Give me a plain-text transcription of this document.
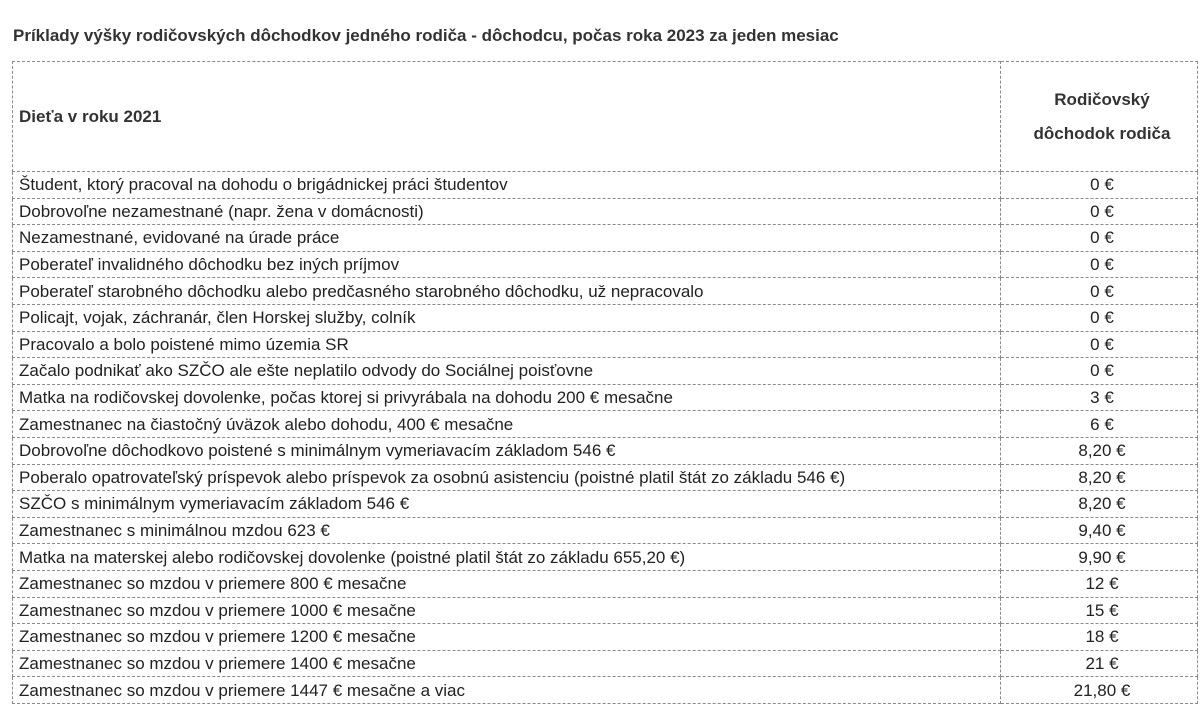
Príklady výšky rodičovských dôchodkov jedného rodiča - dôchodcu, počas roka 2023 za jeden mesiac
Dieťa v roku 2021	Rodičovský
dôchodok rodiča

Študent, ktorý pracoval na dohodu o brigádnickej práci študentov	0 €
Dobrovoľne nezamestnané (napr. žena v domácnosti)	0 €
Nezamestnané, evidované na úrade práce	0 €
Poberateľ invalidného dôchodku bez iných príjmov	0 €
Poberateľ starobného dôchodku alebo predčasného starobného dôchodku, už nepracovalo	0 €
Policajt, vojak, záchranár, člen Horskej služby, colník	0 €
Pracovalo a bolo poistené mimo územia SR	0 €
Začalo podnikať ako SZČO ale ešte neplatilo odvody do Sociálnej poisťovne	0 €
Matka na rodičovskej dovolenke, počas ktorej si privyrábala na dohodu 200 € mesačne	3 €
Zamestnanec na čiastočný úväzok alebo dohodu, 400 € mesačne	6 €
Dobrovoľne dôchodkovo poistené s minimálnym vymeriavacím základom 546 €	8,20 €
Poberalo opatrovateľský príspevok alebo príspevok za osobnú asistenciu (poistné platil štát zo základu 546 €)	8,20 €
SZČO s minimálnym vymeriavacím základom 546 €	8,20 €
Zamestnanec s minimálnou mzdou 623 €	9,40 €
Matka na materskej alebo rodičovskej dovolenke (poistné platil štát zo základu 655,20 €)	9,90 €
Zamestnanec so mzdou v priemere 800 € mesačne	12 €
Zamestnanec so mzdou v priemere 1000 € mesačne	15 €
Zamestnanec so mzdou v priemere 1200 € mesačne	18 €
Zamestnanec so mzdou v priemere 1400 € mesačne	21 €
Zamestnanec so mzdou v priemere 1447 € mesačne a viac	21,80 €
